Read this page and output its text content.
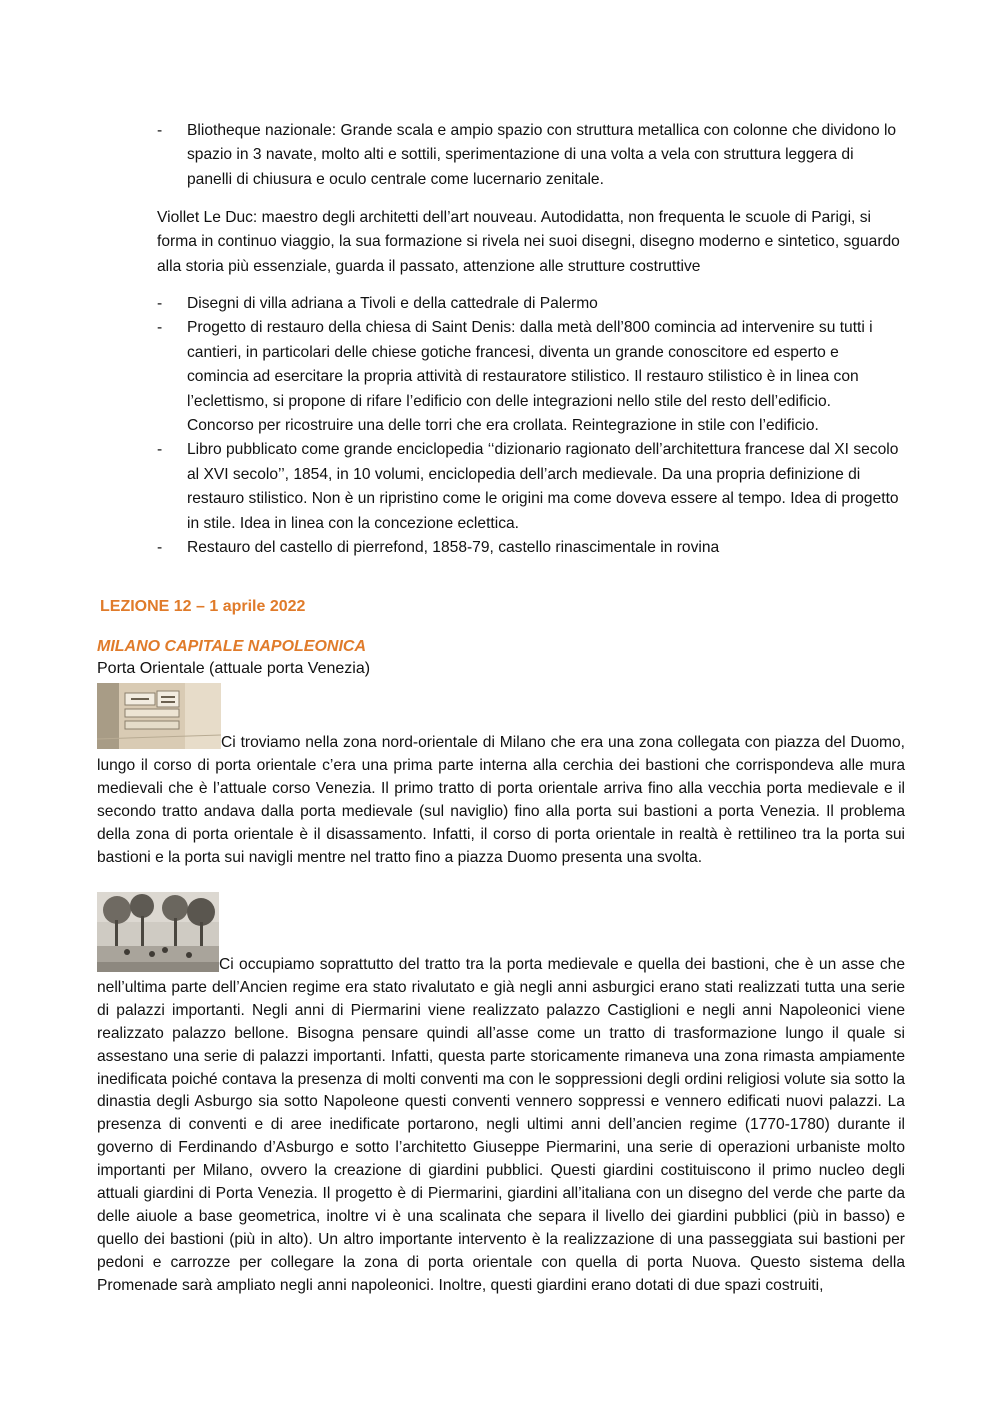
- Bliotheque nazionale: Grande scala e ampio spazio con struttura metallica con colonne che dividono lo spazio in 3 navate, molto alti e sottili, sperimentazione di una volta a vela con struttura leggera di panelli di chiusura e oculo centrale come lucernario zenitale.

Viollet Le Duc: maestro degli architetti dell’art nouveau. Autodidatta, non frequenta le scuole di Parigi, si forma in continuo viaggio, la sua formazione si rivela nei suoi disegni, disegno moderno e sintetico, sguardo alla storia più essenziale, guarda il passato, attenzione alle strutture costruttive

- Disegni di villa adriana a Tivoli e della cattedrale di Palermo
- Progetto di restauro della chiesa di Saint Denis: dalla metà dell’800 comincia ad intervenire su tutti i cantieri, in particolari delle chiese gotiche francesi, diventa un grande conoscitore ed esperto e comincia ad esercitare la propria attività di restauratore stilistico. Il restauro stilistico è in linea con l’eclettismo, si propone di rifare l’edificio con delle integrazioni nello stile del resto dell’edificio. Concorso per ricostruire una delle torri che era crollata. Reintegrazione in stile con l’edificio.
- Libro pubblicato come grande enciclopedia ‘‘dizionario ragionato dell’architettura francese dal XI secolo al XVI secolo’’, 1854, in 10 volumi, enciclopedia dell’arch medievale. Da una propria definizione di restauro stilistico. Non è un ripristino come le origini ma come doveva essere al tempo. Idea di progetto in stile. Idea in linea con la concezione eclettica.
- Restauro del castello di pierrefond, 1858-79, castello rinascimentale in rovina
LEZIONE 12 – 1 aprile 2022
MILANO CAPITALE NAPOLEONICA

Porta Orientale (attuale porta Venezia)

Ci troviamo nella zona nord-orientale di Milano che era una zona collegata con piazza del Duomo, lungo il corso di porta orientale c’era una prima parte interna alla cerchia dei bastioni che corrispondeva alle mura medievali che è l’attuale corso Venezia. Il primo tratto di porta orientale arriva fino alla vecchia porta medievale e il secondo tratto andava dalla porta medievale (sul naviglio) fino alla porta sui bastioni a porta Venezia. Il problema della zona di porta orientale è il disassamento. Infatti, il corso di porta orientale in realtà è rettilineo tra la porta sui bastioni e la porta sui navigli mentre nel tratto fino a piazza Duomo presenta una svolta.

Ci occupiamo soprattutto del tratto tra la porta medievale e quella dei bastioni, che è un asse che nell’ultima parte dell’Ancien regime era stato rivalutato e già negli anni asburgici erano stati realizzati tutta una serie di palazzi importanti. Negli anni di Piermarini viene realizzato palazzo Castiglioni e negli anni Napoleonici viene realizzato palazzo bellone. Bisogna pensare quindi all’asse come un tratto di trasformazione lungo il quale si assestano una serie di palazzi importanti. Infatti, questa parte storicamente rimaneva una zona rimasta ampiamente inedificata poiché contava la presenza di molti conventi ma con le soppressioni degli ordini religiosi volute sia sotto la dinastia degli Asburgo sia sotto Napoleone questi conventi vennero soppressi e vennero edificati nuovi palazzi. La presenza di conventi e di aree inedificate portarono, negli ultimi anni dell’ancien regime (1770-1780) durante il governo di Ferdinando d’Asburgo e sotto l’architetto Giuseppe Piermarini, una serie di operazioni urbaniste molto importanti per Milano, ovvero la creazione di giardini pubblici. Questi giardini costituiscono il primo nucleo degli attuali giardini di Porta Venezia. Il progetto è di Piermarini, giardini all’italiana con un disegno del verde che parte da delle aiuole a base geometrica, inoltre vi è una scalinata che separa il livello dei giardini pubblici (più in basso) e quello dei bastioni (più in alto). Un altro importante intervento è la realizzazione di una passeggiata sui bastioni per pedoni e carrozze per collegare la zona di porta orientale con quella di porta Nuova. Questo sistema della Promenade sarà ampliato negli anni napoleonici. Inoltre, questi giardini erano dotati di due spazi costruiti,
